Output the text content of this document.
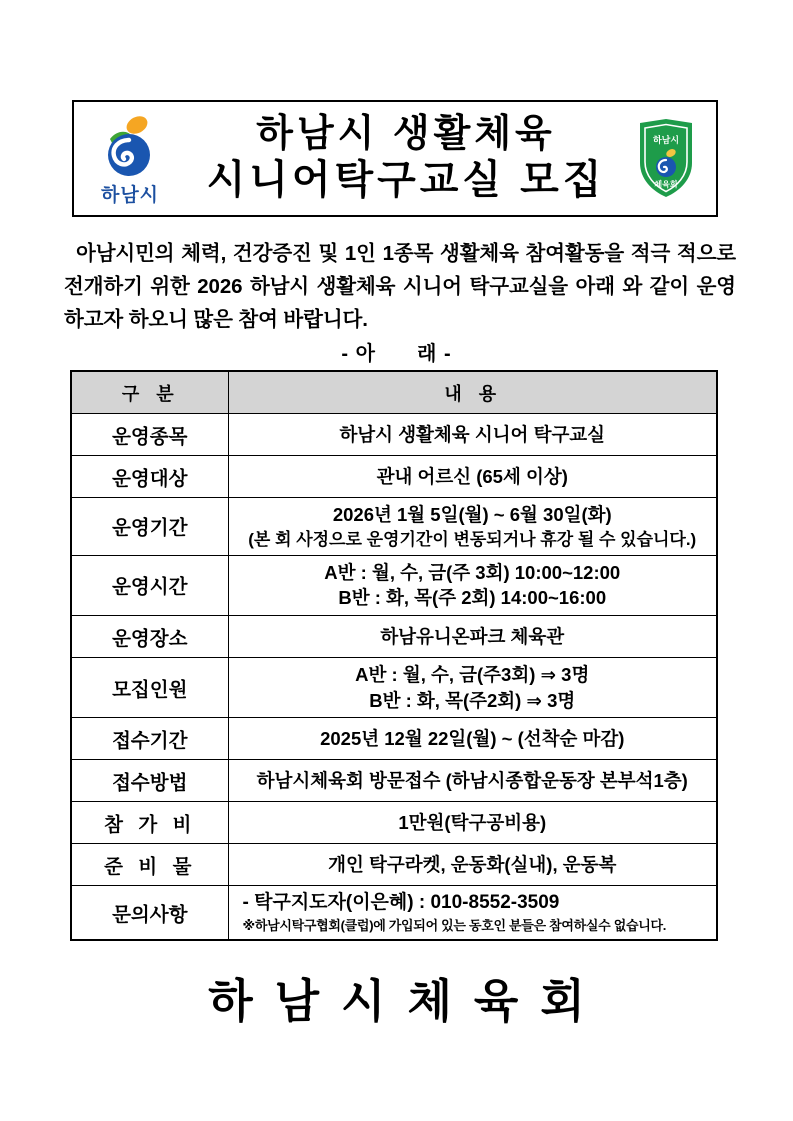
하남시
하남시 생활체육
시니어탁구교실 모집
하남시
체육회
아남시민의 체력, 건강증진 및 1인 1종목 생활체육 참여활동을 적극 적으로 전개하기 위한 2026 하남시 생활체육 시니어 탁구교실을 아래 와 같이 운영하고자 하오니 많은 참여 바랍니다.
- 아 래 -
구 분	내 용
운영종목	하남시 생활체육 시니어 탁구교실
운영대상	관내 어르신 (65세 이상)
운영기간	2026년 1월 5일(월) ~ 6월 30일(화)
(본 회 사정으로 운영기간이 변동되거나 휴강 될 수 있습니다.)

운영시간	A반 : 월, 수, 금(주 3회) 10:00~12:00
B반 : 화, 목(주 2회) 14:00~16:00

운영장소	하남유니온파크 체육관
모집인원	A반 : 월, 수, 금(주3회) ⇒ 3명
B반 : 화, 목(주2회) ⇒ 3명

접수기간	2025년 12월 22일(월) ~ (선착순 마감)
접수방법	하남시체육회 방문접수 (하남시종합운동장 본부석1층)
참 가 비	1만원(탁구공비용)
준 비 물	개인 탁구라켓, 운동화(실내), 운동복
문의사항	- 탁구지도자(이은혜) : 010-8552-3509
※하남시탁구협회(클럽)에 가입되어 있는 동호인 분들은 참여하실수 없습니다.
하남시체육회
